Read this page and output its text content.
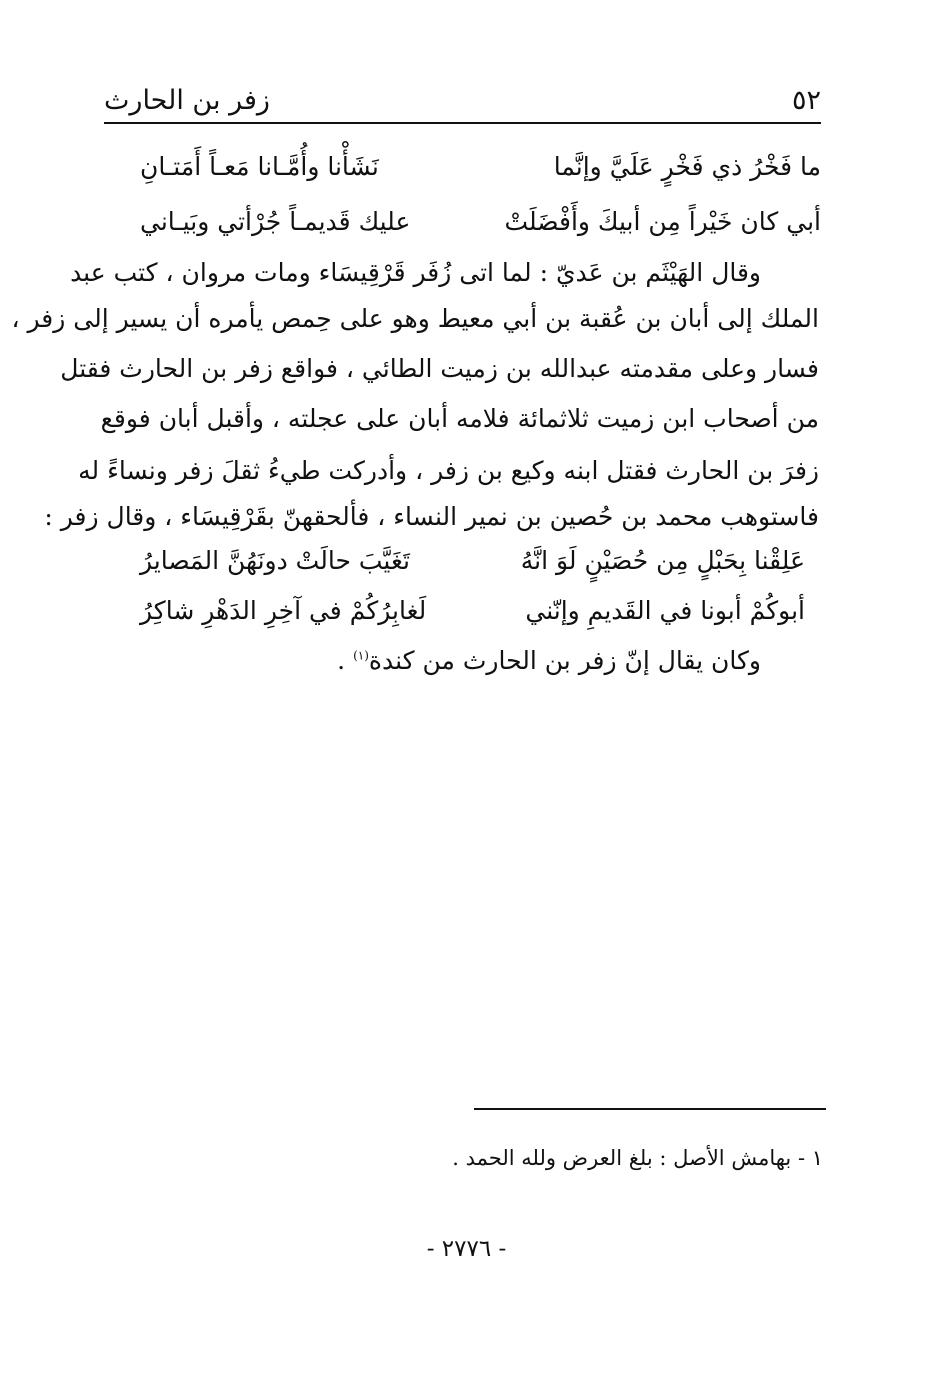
٥٢
زفر بن الحارث
ما فَخْرُ ذي فَخْرٍ عَلَيَّ وإنَّما
نَشَأْنا وأُمَّـانا مَعـاً أَمَتـانِ
أبي كان خَيْراً مِن أبيكَ وأَفْضَلَتْ
عليك قَديمـاً جُرْأتي وبَيـاني
وقال الهَيْثَم بن عَديّ : لما اتى زُفَر قَرْقِيسَاء ومات مروان ، كتب عبد
الملك إلى أبان بن عُقبة بن أبي معيط وهو على حِمص يأمره أن يسير إلى زفر ،
فسار وعلى مقدمته عبدالله بن زميت الطائي ، فواقع زفر بن الحارث فقتل
من أصحاب ابن زميت ثلاثمائة فلامه أبان على عجلته ، وأقبل أبان فوقع
زفرَ بن الحارث فقتل ابنه وكيع بن زفر ، وأدركت طيءُ ثقلَ زفر ونساءً له
فاستوهب محمد بن حُصين بن نمير النساء ، فألحقهنّ بقَرْقِيسَاء ، وقال زفر :
عَلِقْنا بِحَبْلٍ مِن حُصَيْنٍ لَوَ انَّهُ
تَغَيَّبَ حالَتْ دونَهُنَّ المَصايرُ
أبوكُمْ أبونا في القَديمِ وإنّني
لَغابِرُكُمْ في آخِرِ الدَهْرِ شاكِرُ
وكان يقال إنّ زفر بن الحارث من كندة$^{(١)}$ .
١ - بهامش الأصل : بلغ العرض ولله الحمد .
- ٢٧٧٦ -
